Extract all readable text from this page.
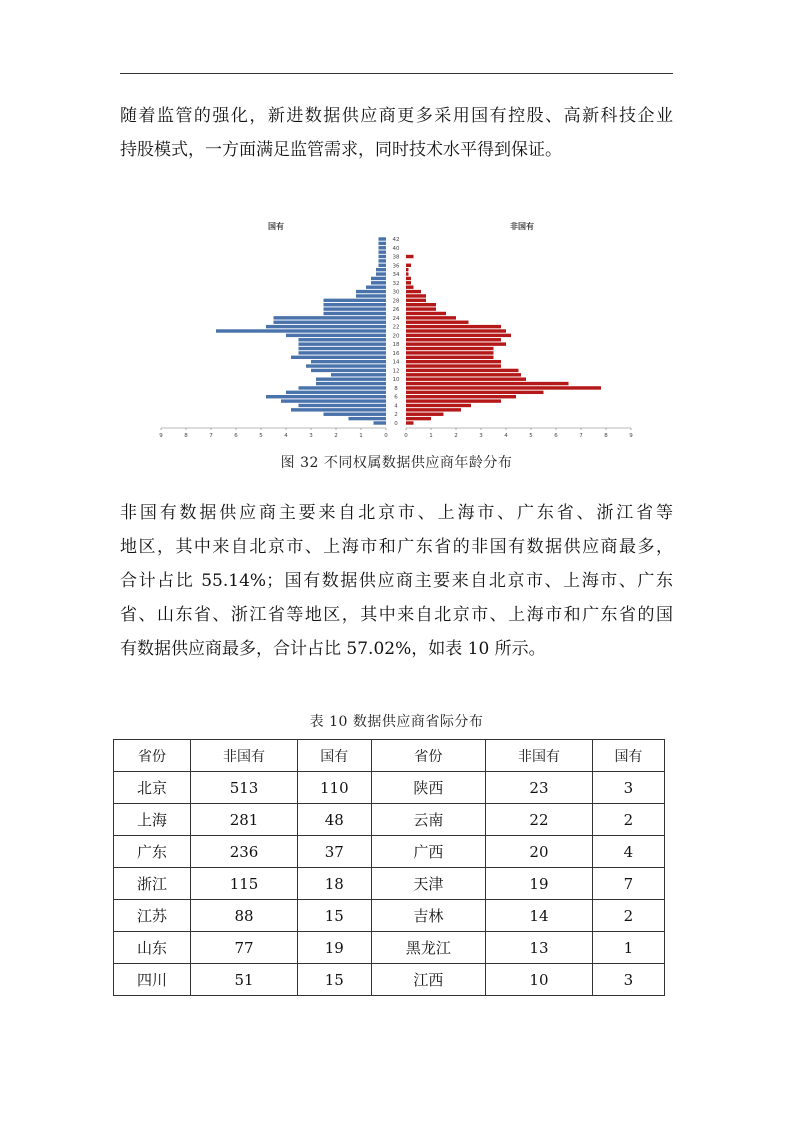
随着监管的强化，新进数据供应商更多采用国有控股、高新科技企业
持股模式，一方面满足监管需求，同时技术水平得到保证。

国有	非国有
0
2
4
6
8
10
12
14
16
18
20
22
24
26
28
30
32
34
36
38
40
42
9	8	7	6	5	4	3	2	1	0	0	1	2	3	4	5	6	7	8	9
图 32 不同权属数据供应商年龄分布

非国有数据供应商主要来自北京市、上海市、广东省、浙江省等
地区，其中来自北京市、上海市和广东省的非国有数据供应商最多，
合计占比 55.14%；国有数据供应商主要来自北京市、上海市、广东
省、山东省、浙江省等地区，其中来自北京市、上海市和广东省的国
有数据供应商最多，合计占比 57.02%，如表 10 所示。

表 10 数据供应商省际分布
省份	非国有	国有	省份	非国有	国有
北京	513	110	陕西	23	3
上海	281	48	云南	22	2
广东	236	37	广西	20	4
浙江	115	18	天津	19	7
江苏	88	15	吉林	14	2
山东	77	19	黑龙江	13	1
四川	51	15	江西	10	3
